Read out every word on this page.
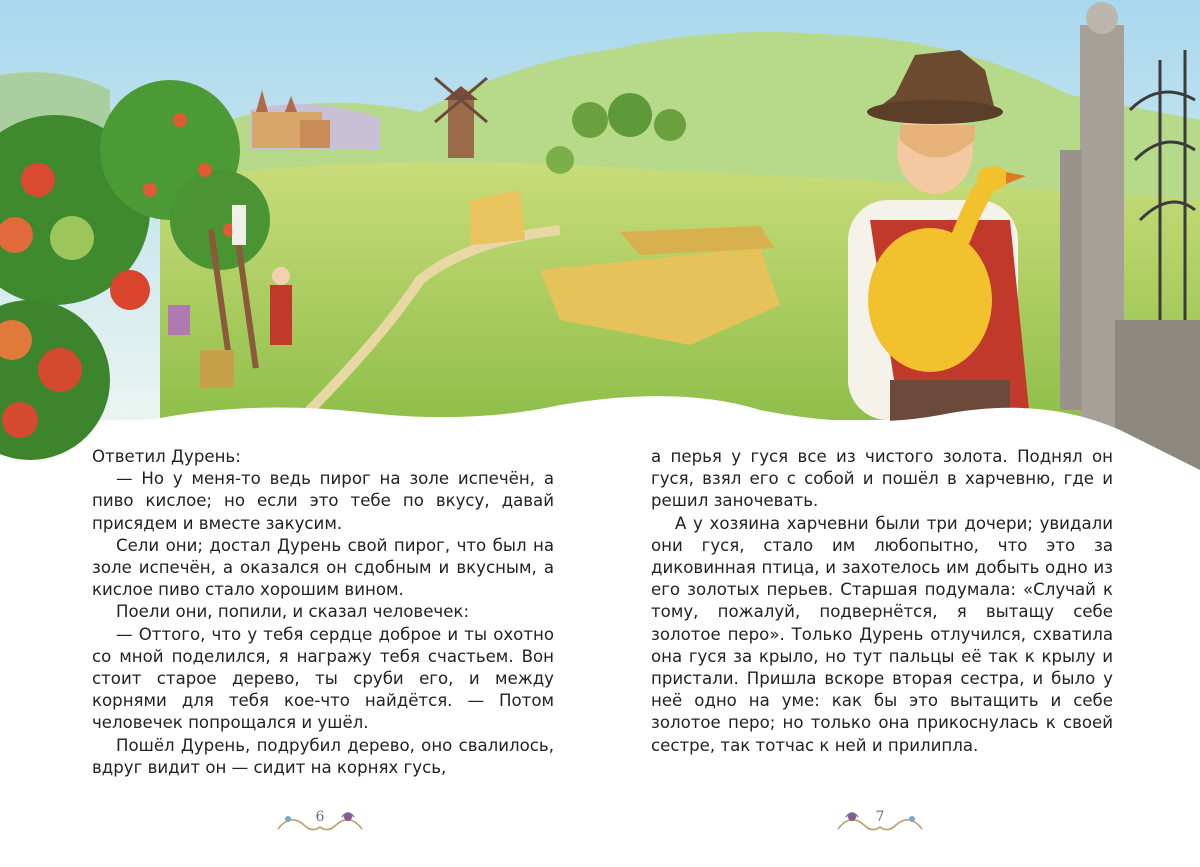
Ответил Дурень:

— Но у меня-то ведь пирог на золе испечён, а пиво кислое; но если это тебе по вкусу, давай присядем и вместе закусим.

Сели они; достал Дурень свой пирог, что был на золе испечён, а оказался он сдобным и вкусным, а кислое пиво стало хорошим вином.

Поели они, попили, и сказал человечек:

— Оттого, что у тебя сердце доброе и ты охотно со мной поделился, я награжу тебя счастьем. Вон стоит старое дерево, ты сруби его, и между корнями для тебя кое-что найдётся. — Потом человечек попрощался и ушёл.

Пошёл Дурень, подрубил дерево, оно свалилось, вдруг видит он — сидит на корнях гусь,

а перья у гуся все из чистого золота. Поднял он гуся, взял его с собой и пошёл в харчевню, где и решил заночевать.

А у хозяина харчевни были три дочери; увидали они гуся, стало им любопытно, что это за диковинная птица, и захотелось им добыть одно из его золотых перьев. Старшая подумала: «Случай к тому, пожалуй, подвернётся, я вытащу себе золотое перо». Только Дурень отлучился, схватила она гуся за крыло, но тут пальцы её так к крылу и пристали. Пришла вскоре вторая сестра, и было у неё одно на уме: как бы это вытащить и себе золотое перо; но только она прикоснулась к своей сестре, так тотчас к ней и прилипла.

6	7
